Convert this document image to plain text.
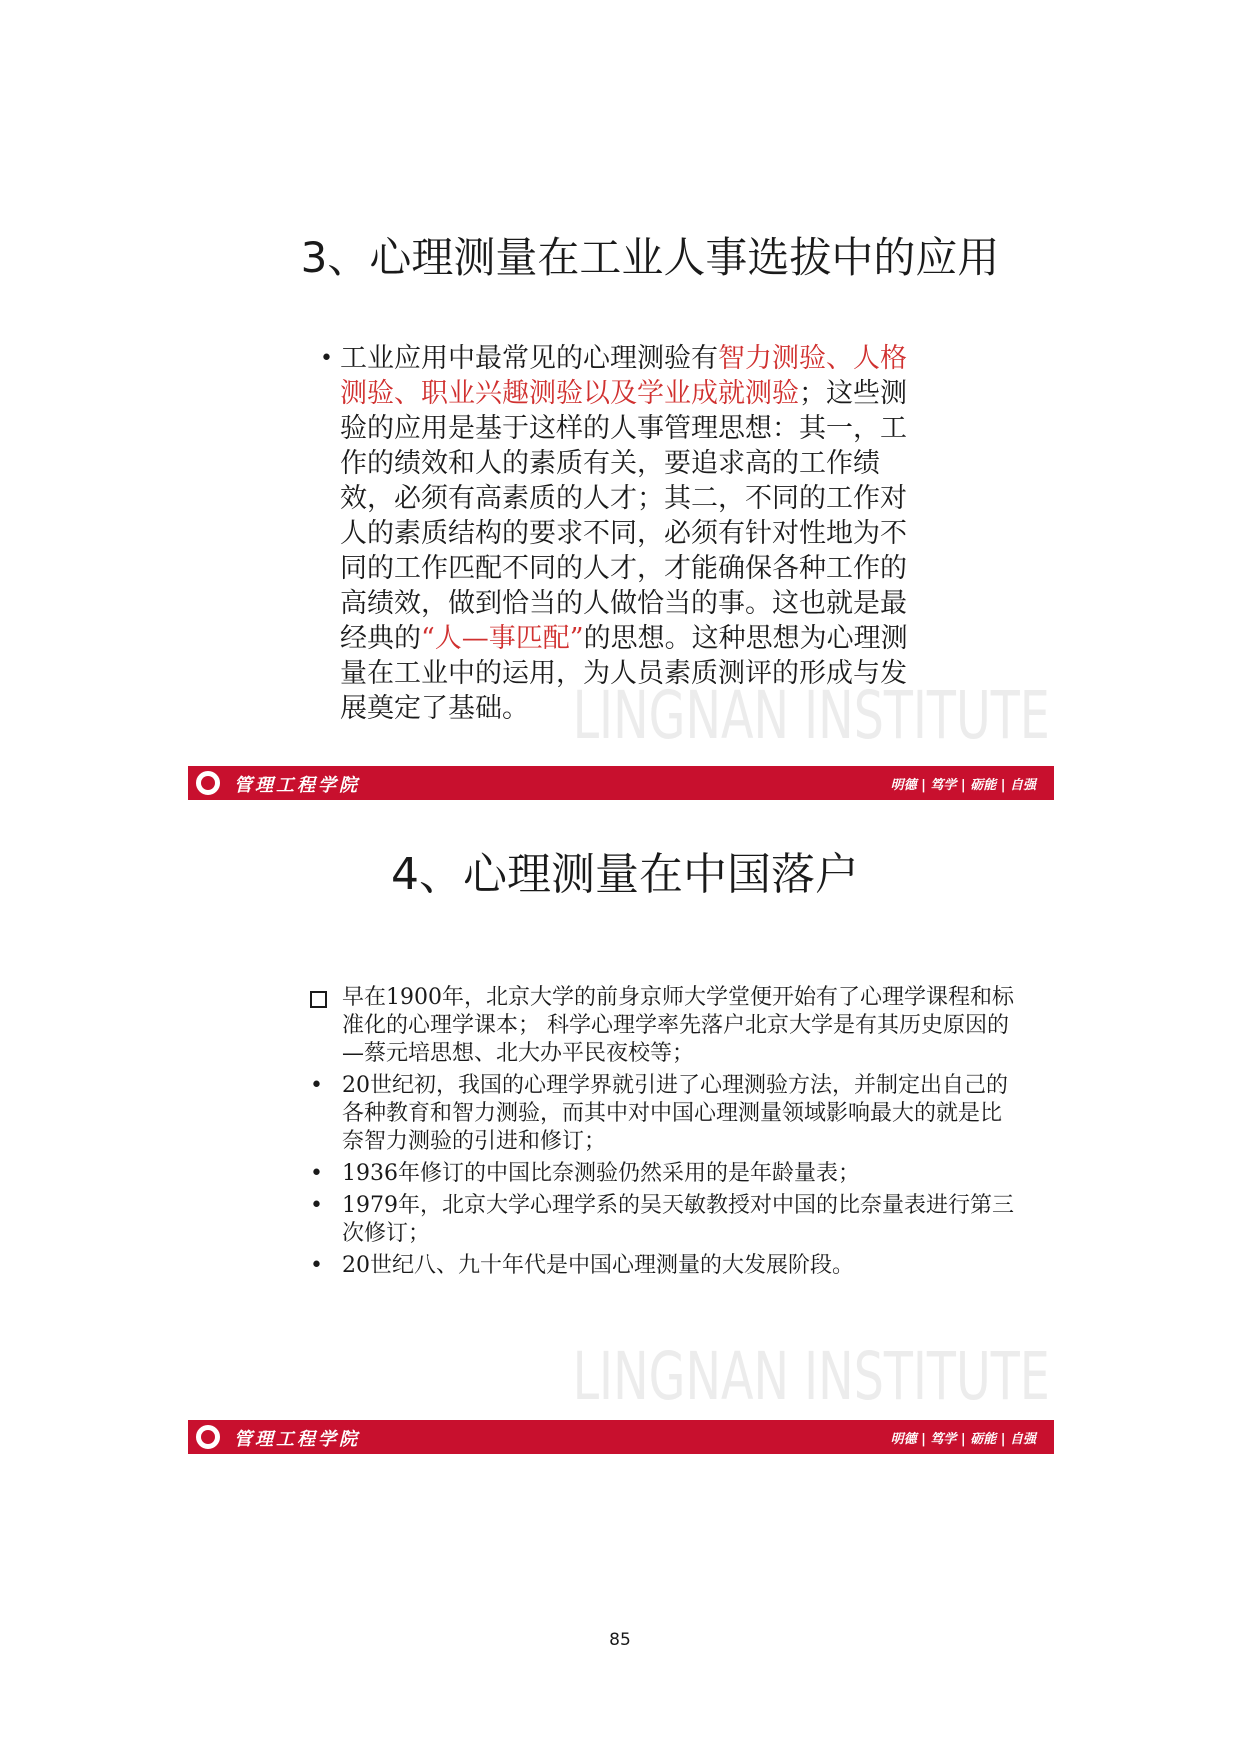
3、心理测量在工业人事选拔中的应用
• 工业应用中最常见的心理测验有智力测验、人格测验、职业兴趣测验以及学业成就测验；这些测验的应用是基于这样的人事管理思想：其一，工作的绩效和人的素质有关，要追求高的工作绩效，必须有高素质的人才；其二，不同的工作对人的素质结构的要求不同，必须有针对性地为不同的工作匹配不同的人才，才能确保各种工作的高绩效，做到恰当的人做恰当的事。这也就是最经典的“人—事匹配”的思想。这种思想为心理测量在工业中的运用，为人员素质测评的形成与发展奠定了基础。 LINGNAN INSTITUTE
管理工程学院	明德 | 笃学 | 砺能 | 自强
4、心理测量在中国落户
早在1900年，北京大学的前身京师大学堂便开始有了心理学课程和标准化的心理学课本； 科学心理学率先落户北京大学是有其历史原因的—蔡元培思想、北大办平民夜校等；
• 20世纪初，我国的心理学界就引进了心理测验方法，并制定出自己的各种教育和智力测验，而其中对中国心理测量领域影响最大的就是比奈智力测验的引进和修订；
• 1936年修订的中国比奈测验仍然采用的是年龄量表；
• 1979年，北京大学心理学系的吴天敏教授对中国的比奈量表进行第三次修订；
• 20世纪八、九十年代是中国心理测量的大发展阶段。
LINGNAN INSTITUTE
管理工程学院	明德 | 笃学 | 砺能 | 自强
85
